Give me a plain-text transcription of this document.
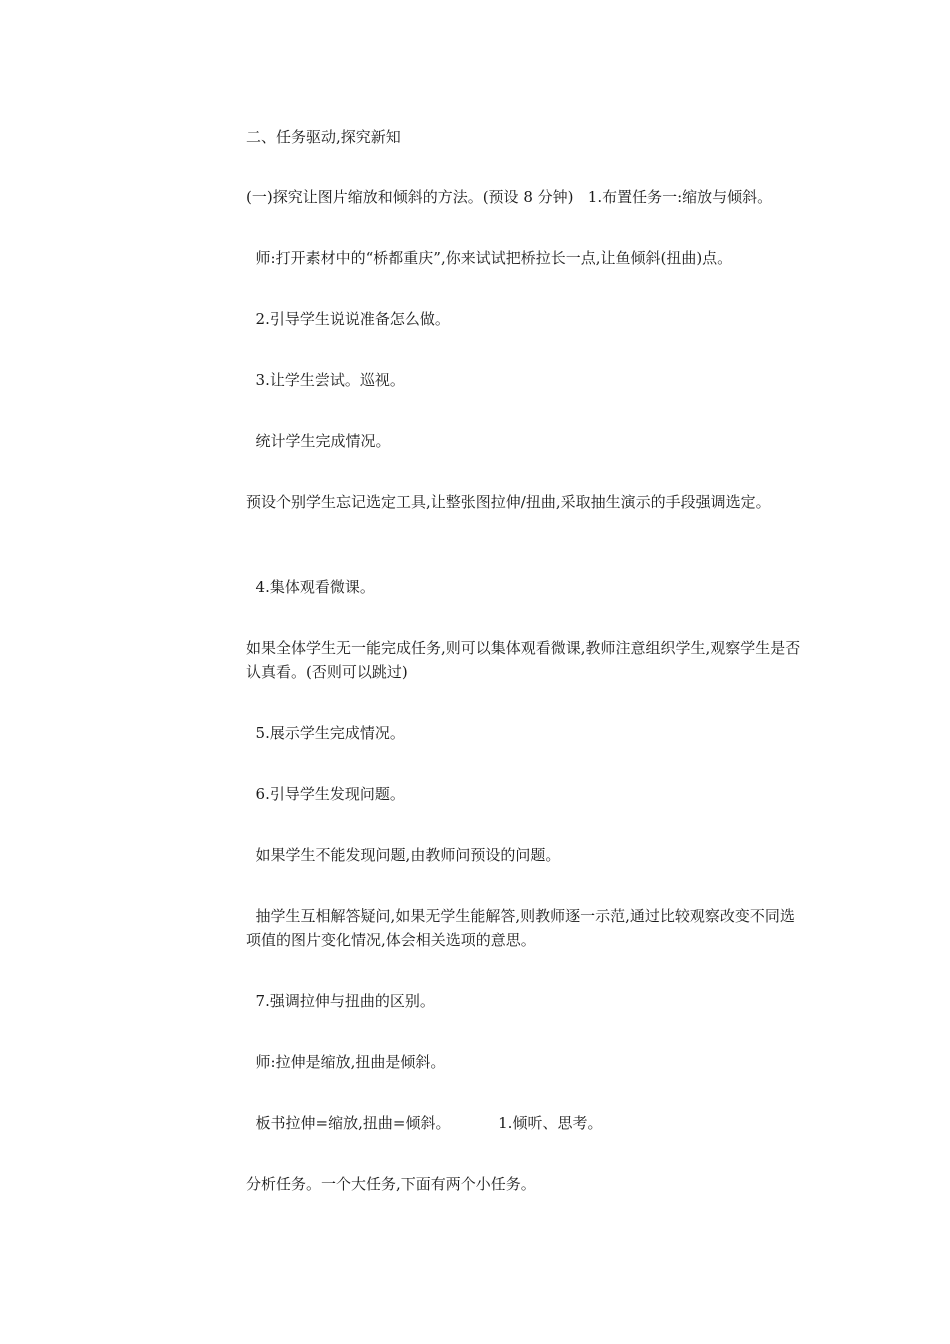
二、任务驱动,探究新知
(一)探究让图片缩放和倾斜的方法。(预设 8 分钟)   1.布置任务一:缩放与倾斜。
师:打开素材中的“桥都重庆”,你来试试把桥拉长一点,让鱼倾斜(扭曲)点。
2.引导学生说说准备怎么做。
3.让学生尝试。巡视。
统计学生完成情况。
预设个别学生忘记选定工具,让整张图拉伸/扭曲,采取抽生演示的手段强调选定。
4.集体观看微课。
如果全体学生无一能完成任务,则可以集体观看微课,教师注意组织学生,观察学生是否认真看。(否则可以跳过)
5.展示学生完成情况。
6.引导学生发现问题。
如果学生不能发现问题,由教师问预设的问题。
抽学生互相解答疑问,如果无学生能解答,则教师逐一示范,通过比较观察改变不同选项值的图片变化情况,体会相关选项的意思。
7.强调拉伸与扭曲的区别。
师:拉伸是缩放,扭曲是倾斜。
板书拉伸=缩放,扭曲=倾斜。          1.倾听、思考。
分析任务。一个大任务,下面有两个小任务。
